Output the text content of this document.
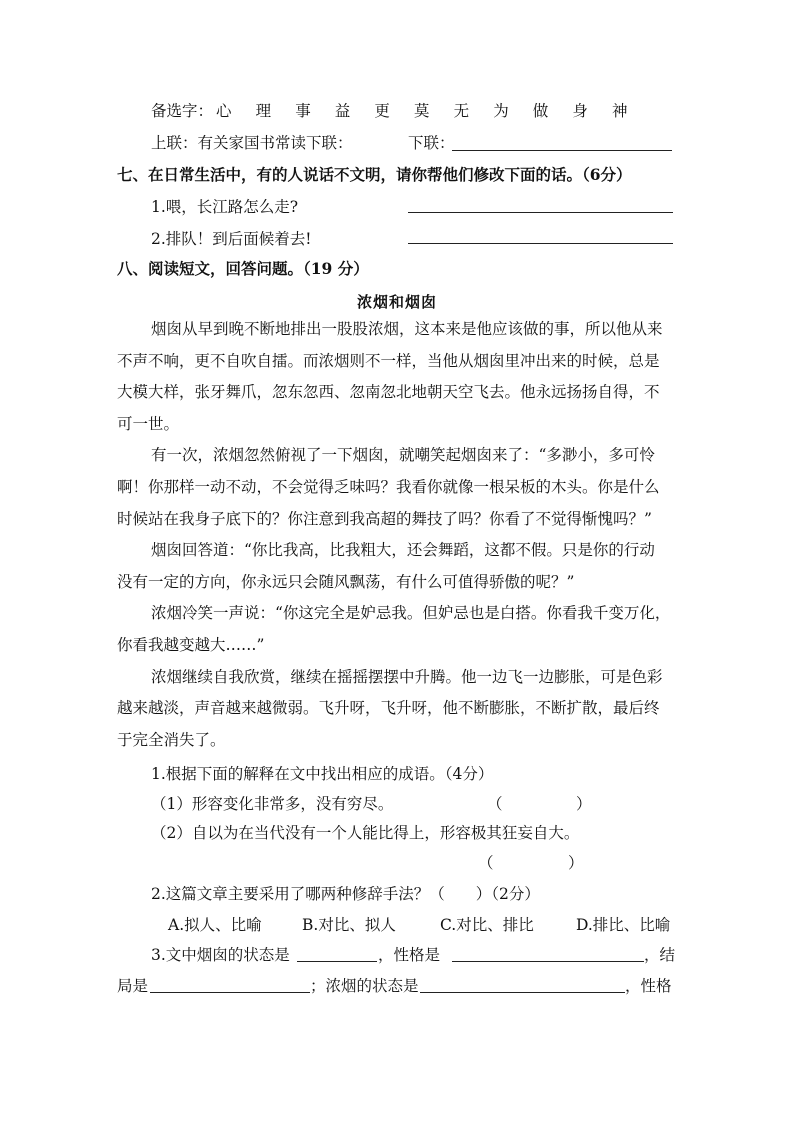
备选字： 心 理 事 益 更 莫 无 为 做 身 神
上联：有关家国书常读下联：	下联：
七、在日常生活中，有的人说话不文明，请你帮他们修改下面的话。（6分）
1.喂，长江路怎么走?
2.排队！到后面候着去!
八、阅读短文，回答问题。（19 分）
浓烟和烟囱
烟囱从早到晚不断地排出一股股浓烟，这本来是他应该做的事，所以他从来
不声不响，更不自吹自擂。而浓烟则不一样，当他从烟囱里冲出来的时候，总是
大模大样，张牙舞爪，忽东忽西、忽南忽北地朝天空飞去。他永远扬扬自得，不
可一世。
有一次，浓烟忽然俯视了一下烟囱，就嘲笑起烟囱来了：“多渺小，多可怜
啊！你那样一动不动，不会觉得乏味吗？我看你就像一根呆板的木头。你是什么
时候站在我身子底下的？你注意到我高超的舞技了吗？你看了不觉得惭愧吗？”
烟囱回答道：“你比我高，比我粗大，还会舞蹈，这都不假。只是你的行动
没有一定的方向，你永远只会随风飘荡，有什么可值得骄傲的呢？”
浓烟冷笑一声说：“你这完全是妒忌我。但妒忌也是白搭。你看我千变万化，
你看我越变越大……”
浓烟继续自我欣赏，继续在摇摇摆摆中升腾。他一边飞一边膨胀，可是色彩
越来越淡，声音越来越微弱。飞升呀，飞升呀，他不断膨胀，不断扩散，最后终
于完全消失了。
1.根据下面的解释在文中找出相应的成语。（4分）
（1）形容变化非常多，没有穷尽。	（	）
（2）自以为在当代没有一个人能比得上，形容极其狂妄自大。
（	）
2.这篇文章主要采用了哪两种修辞手法？（　　）（2分）
A.拟人、比喻	B.对比、拟人	C.对比、排比	D.排比、比喻
3.文中烟囱的状态是	，性格是	，结
局是	；浓烟的状态是	，性格
